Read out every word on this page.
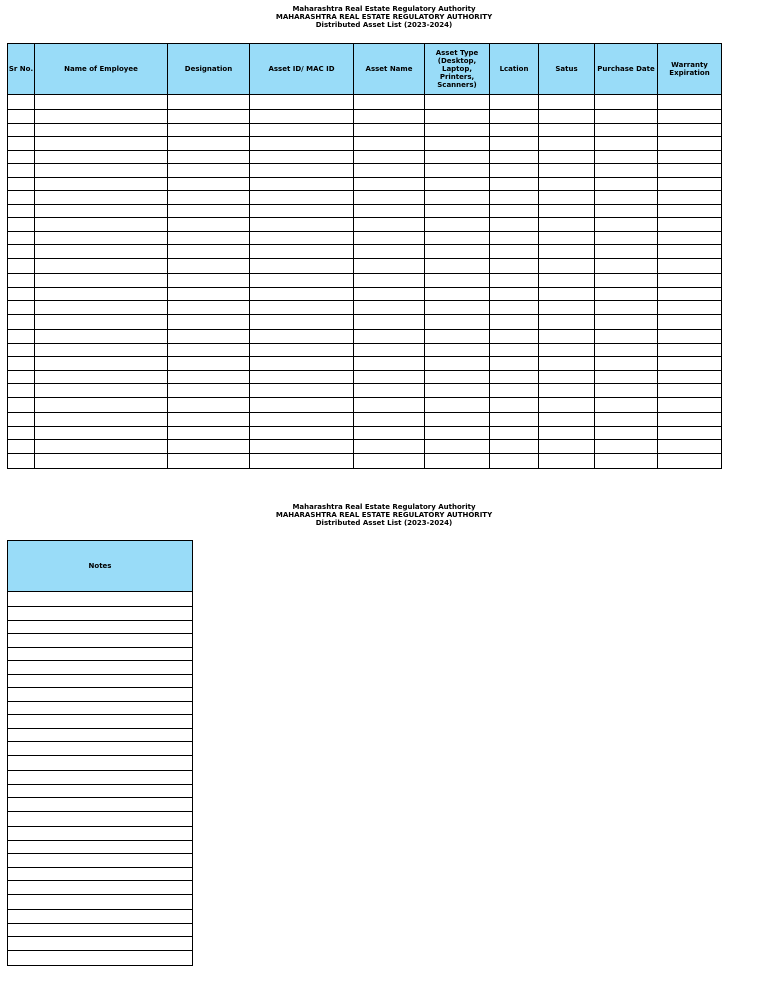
Maharashtra Real Estate Regulatory Authority
MAHARASHTRA REAL ESTATE REGULATORY AUTHORITY
Distributed Asset List (2023-2024)
Sr No.	Name of Employee	Designation	Asset ID/ MAC ID	Asset Name	Asset Type (Desktop, Laptop, Printers, Scanners)	Lcation	Satus	Purchase Date	Warranty Expiration

Maharashtra Real Estate Regulatory Authority
MAHARASHTRA REAL ESTATE REGULATORY AUTHORITY
Distributed Asset List (2023-2024)
Notes
